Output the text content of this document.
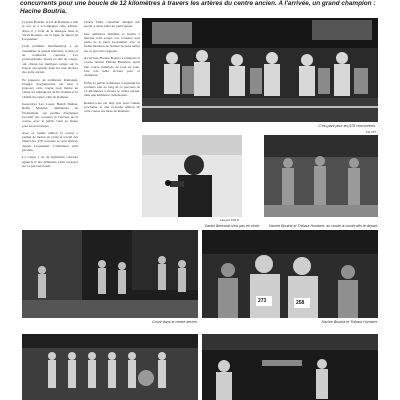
concurrents pour une boucle de 12 kilomètres à travers les artères du centre ancien. A l'arrivée, un grand champion : Hacine Boutria.

Cyprien Bourim, le DJ de Romans, a mis le son et a accompagné cette édition. Alors il y avait de la musique dans le Vieux Romans, sur la ligne de départ de Jacquemart.

Cette première manifestation a pu rassembler la grande marraine, le Mac et de nombreux coureurs. Les professionnels, placés en tête de course, ont obtenu les meilleurs temps sur la boucle qui passait dans les rues étroites du centre ancien.

En présence de nombreux Romanais, l'équipe d'organisation ont tenu à proposer cette course pour mettre en valeur les animations de fin d'année et la vitalité du centre-ville de Romans.

Jusqu'alors Leo Lopez, Benoît Dumas, Rémy Monnier, animateurs de l'événement, ont permis d'organiser l'accueil des coureurs et l'arrivée de la course, avec le public venu en masse pour les encourager.

Avec sa 12ème édition la course a permis de mettre en avant le travail des bénévoles. 978 coureurs se sont élancés depuis Jacquemart. L'ambiance était garantie.

La course a vu de nombreux coureurs aguerris et des débutants venir s'essayer sur ce parcours festif.

Charly Vinel, conseiller délégué aux sports, a aussi salué les participants.

Une ambiance familiale et festive a marqué cette soirée. Les coureurs sont partis de la place Jacquemart avec la ferme intention de réaliser de bons temps sur ce parcours exigeant.

A l'arrivée, Hacine Boutria a remporté la course devant Thibaut Humbert, après une course maîtrisée de bout en bout. Une très belle victoire pour ce champion.

Enfin, le public nombreux a applaudi les coureurs tout au long de ce parcours de 12 kilomètres à travers le centre ancien, dans une ambiance chaleureuse.

Rendez-vous est déjà pris pour l'année prochaine et une nouvelle édition de cette course nocturne de Romans.

C'est parti pour les 978 concurrents.
FD 707
Laurent FOLO
Daniel Bertrand n'est pas en reste.	Hacine Boutria et Thibaut Humbert, au coude-à-coude dès le départ.
Courir dans le centre ancien.
273	258
Hacine Boutria et Thibaut Humbert.
